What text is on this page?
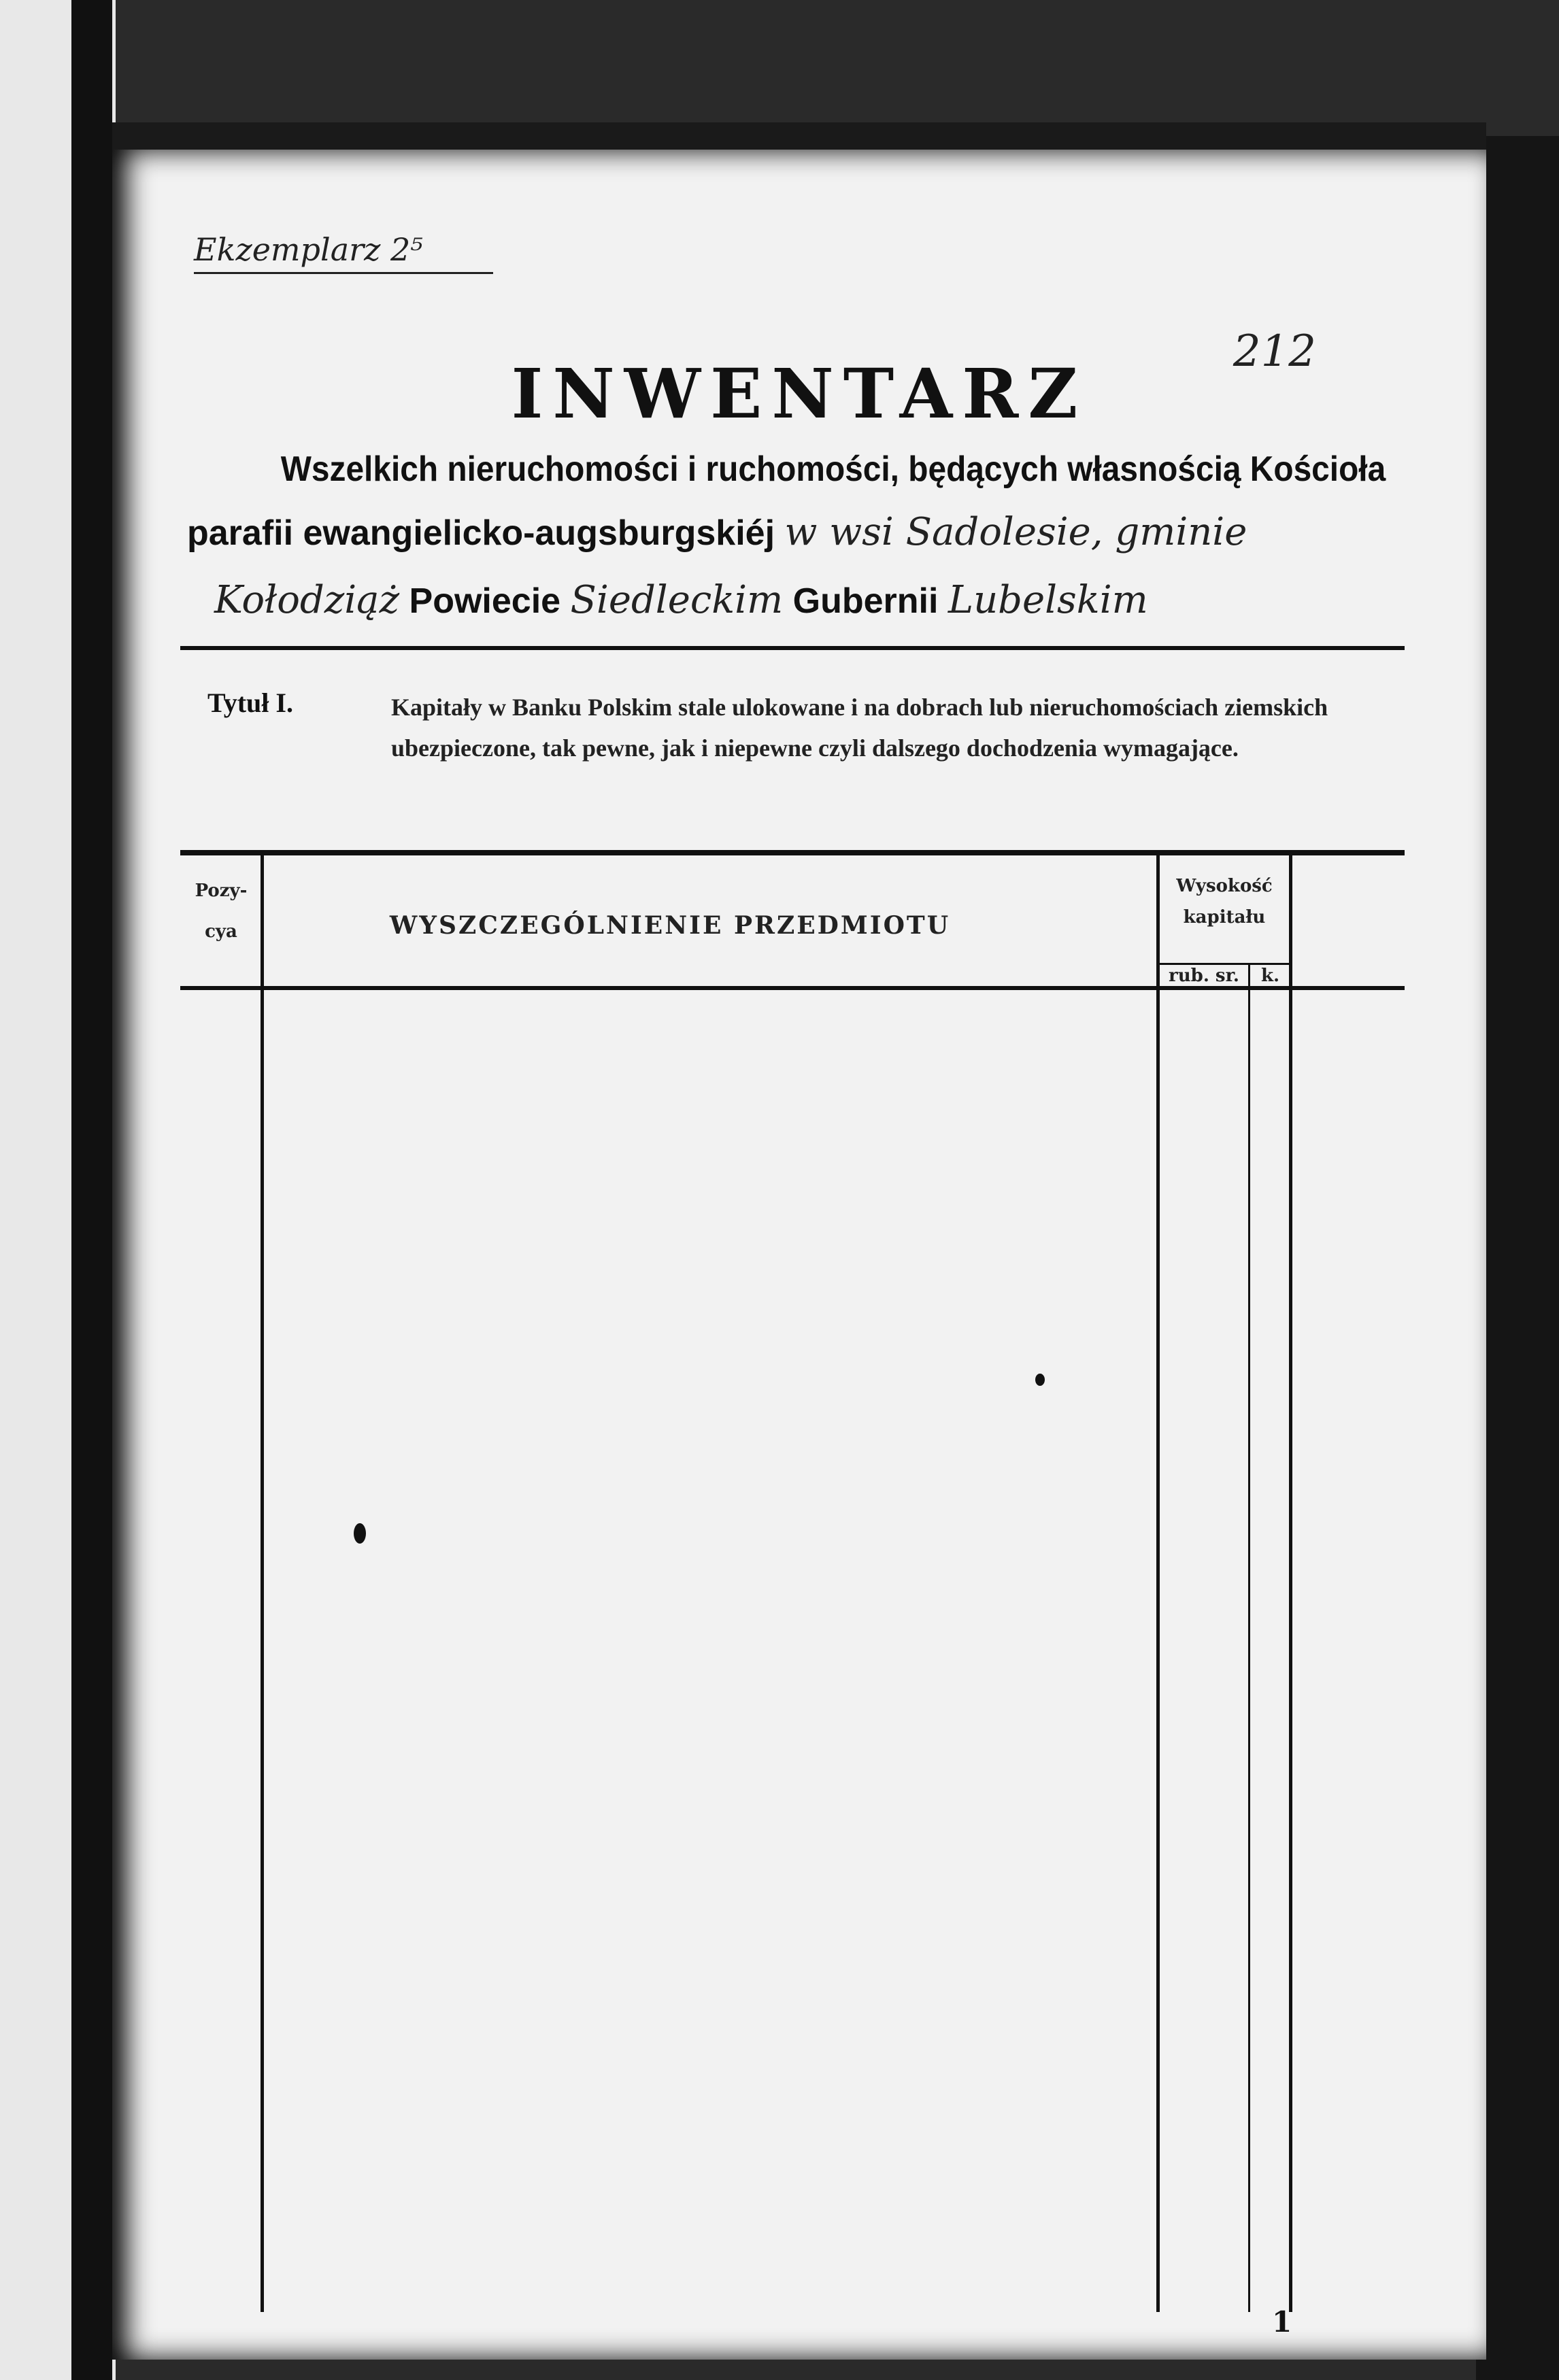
Ekzemplarz 2⁵
212
INWENTARZ
Wszelkich nieruchomości i ruchomości, będących własnością Kościoła
parafii ewangielicko-augsburgskiéj w wsi Sadolesie, gminie
Kołodziąż Powiecie Siedleckim Gubernii Lubelskim
Tytuł I.	Kapitały w Banku Polskim stale ulokowane i na dobrach lub nieruchomościach ziemskich ubezpieczone, tak pewne, jak i niepewne czyli dalszego dochodzenia wymagające.
Pozy-cya	WYSZCZEGÓLNIENIE PRZEDMIOTU
Wysokość kapitału
rub. sr.	k.
1
